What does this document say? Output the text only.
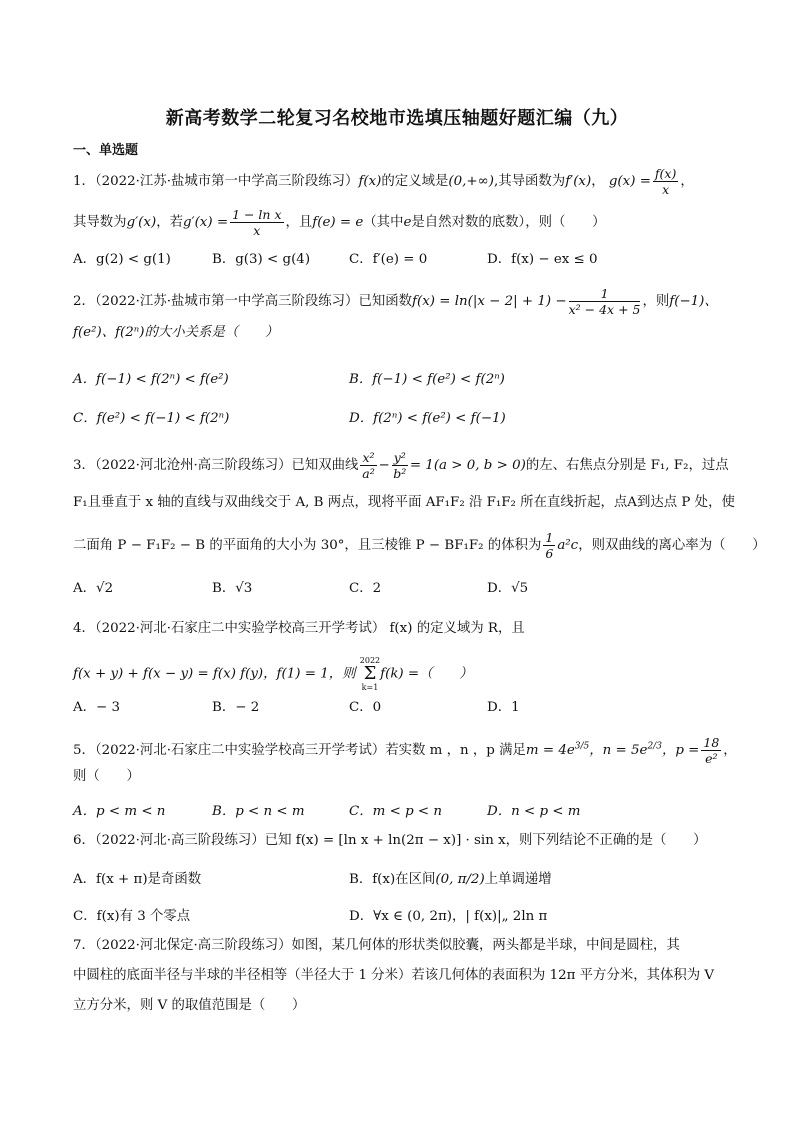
新高考数学二轮复习名校地市选填压轴题好题汇编（九）
一、单选题
1．（2022·江苏·盐城市第一中学高三阶段练习）f(x)的定义域是(0,+∞),其导函数为f′(x)， $g(x) = \frac{f(x)}{x}$ ，
其导数为g′(x)，若$g'(x) = \frac{\text{1 − ln x}}{x}$ ，且f(e) = e（其中e是自然对数的底数），则（　　）
A．g(2) < g(1)	B．g(3) < g(4)	C．f′(e) = 0	D．f(x) − ex ≤ 0
2．（2022·江苏·盐城市第一中学高三阶段练习）已知函数$f(x) = \ln(|x - 2| + 1) - \frac{1}{\text{x² − 4x + 5}}$ ，则f(−1)、
f(e²)、f(2ⁿ)的大小关系是（　　）
A．f(−1) < f(2ⁿ) < f(e²)	B．f(−1) < f(e²) < f(2ⁿ)
C．f(e²) < f(−1) < f(2ⁿ)	D．f(2ⁿ) < f(e²) < f(−1)
3．（2022·河北沧州·高三阶段练习）已知双曲线 $\frac{\text{x²}}{\text{a²}} - \frac{\text{y²}}{\text{b²}} = 1(a > 0$, b > 0)的左、右焦点分别是 F₁, F₂，过点
F₁且垂直于 x 轴的直线与双曲线交于 A, B 两点，现将平面 AF₁F₂ 沿 F₁F₂ 所在直线折起，点A到达点 P 处，使
二面角 P − F₁F₂ − B 的平面角的大小为 30°，且三棱锥 P − BF₁F₂ 的体积为 $\frac{1}{6} a^2c$，则双曲线的离心率为（　　）
A．√2	B．√3	C．2	D．√5
4．（2022·河北·石家庄二中实验学校高三开学考试） f(x) 的定义域为 R，且
f(x + y) + f(x − y) = f(x) f(y)，f(1) = 1，则
2022
Σ
k=1
f(k) =（　　）
A．− 3	B．− 2	C．0	D．1
5．（2022·河北·石家庄二中实验学校高三开学考试）若实数 m ，n ，p 满足$m = 4e^{3/5}$，$n = 5e^{2/3}$，$p = \frac{18}{\text{e²}}$ ，
则（　　）
A．p < m < n	B．p < n < m	C．m < p < n	D．n < p < m
6．（2022·河北·高三阶段练习）已知 f(x) = [ln x + ln(2π − x)] · sin x，则下列结论不正确的是（　　）
A．f(x + π)是奇函数	B．f(x)在区间(0, π/2)上单调递增
C．f(x)有 3 个零点	D．∀x ∈ (0, 2π)，| f(x)|„ 2ln π
7．（2022·河北保定·高三阶段练习）如图，某几何体的形状类似胶囊，两头都是半球，中间是圆柱，其
中圆柱的底面半径与半球的半径相等（半径大于 1 分米）若该几何体的表面积为 12π 平方分米，其体积为 V
立方分米，则 V 的取值范围是（　　）
